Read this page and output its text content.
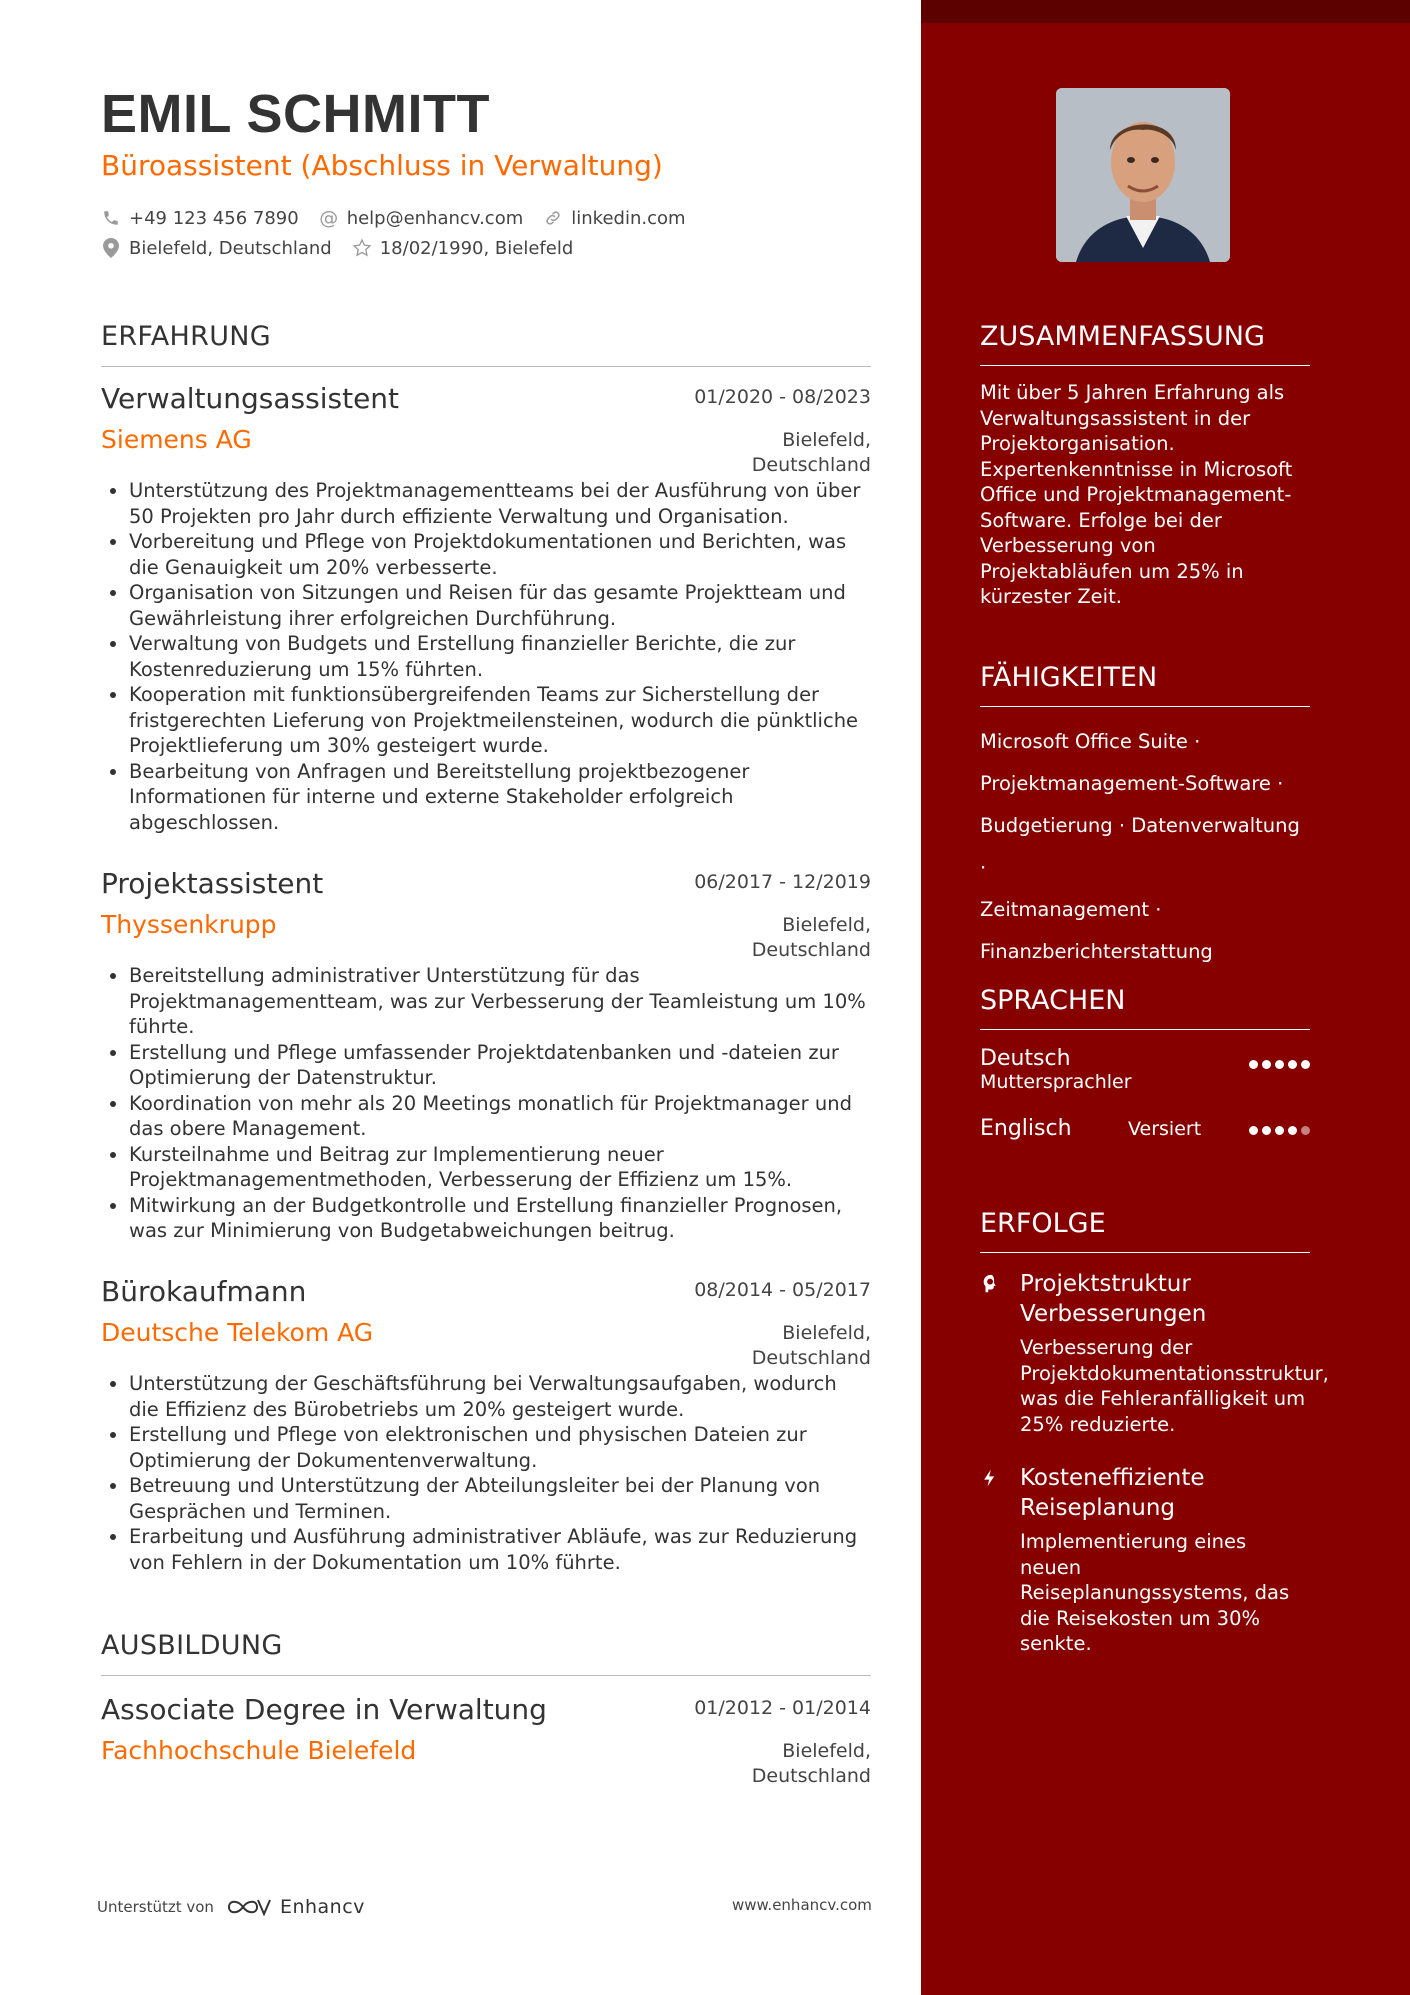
EMIL SCHMITT
Büroassistent (Abschluss in Verwaltung)
+49 123 456 7890 @ help@enhancv.com	linkedin.com
Bielefeld, Deutschland	18/02/1990, Bielefeld
ERFAHRUNG
Verwaltungsassistent	01/2020 - 08/2023
Siemens AG	Bielefeld,
Deutschland
• Unterstützung des Projektmanagementteams bei der Ausführung von über 50 Projekten pro Jahr durch effiziente Verwaltung und Organisation.
• Vorbereitung und Pflege von Projektdokumentationen und Berichten, was die Genauigkeit um 20% verbesserte.
• Organisation von Sitzungen und Reisen für das gesamte Projektteam und Gewährleistung ihrer erfolgreichen Durchführung.
• Verwaltung von Budgets und Erstellung finanzieller Berichte, die zur Kostenreduzierung um 15% führten.
• Kooperation mit funktionsübergreifenden Teams zur Sicherstellung der fristgerechten Lieferung von Projektmeilensteinen, wodurch die pünktliche Projektlieferung um 30% gesteigert wurde.
• Bearbeitung von Anfragen und Bereitstellung projektbezogener Informationen für interne und externe Stakeholder erfolgreich abgeschlossen.
Projektassistent	06/2017 - 12/2019
Thyssenkrupp	Bielefeld,
Deutschland
• Bereitstellung administrativer Unterstützung für das Projektmanagementteam, was zur Verbesserung der Teamleistung um 10% führte.
• Erstellung und Pflege umfassender Projektdatenbanken und -dateien zur Optimierung der Datenstruktur.
• Koordination von mehr als 20 Meetings monatlich für Projektmanager und das obere Management.
• Kursteilnahme und Beitrag zur Implementierung neuer Projektmanagementmethoden, Verbesserung der Effizienz um 15%.
• Mitwirkung an der Budgetkontrolle und Erstellung finanzieller Prognosen, was zur Minimierung von Budgetabweichungen beitrug.
Bürokaufmann	08/2014 - 05/2017
Deutsche Telekom AG	Bielefeld,
Deutschland
• Unterstützung der Geschäftsführung bei Verwaltungsaufgaben, wodurch die Effizienz des Bürobetriebs um 20% gesteigert wurde.
• Erstellung und Pflege von elektronischen und physischen Dateien zur Optimierung der Dokumentenverwaltung.
• Betreuung und Unterstützung der Abteilungsleiter bei der Planung von Gesprächen und Terminen.
• Erarbeitung und Ausführung administrativer Abläufe, was zur Reduzierung von Fehlern in der Dokumentation um 10% führte.
AUSBILDUNG
Associate Degree in Verwaltung	01/2012 - 01/2014
Fachhochschule Bielefeld	Bielefeld,
Deutschland
Unterstützt von	Enhancv	www.enhancv.com
ZUSAMMENFASSUNG
Mit über 5 Jahren Erfahrung als Verwaltungsassistent in der Projektorganisation. Expertenkenntnisse in Microsoft Office und Projektmanagement-Software. Erfolge bei der Verbesserung von Projektabläufen um 25% in kürzester Zeit.
FÄHIGKEITEN
Microsoft Office Suite ·
Projektmanagement-Software ·
Budgetierung · Datenverwaltung ·
Zeitmanagement ·
Finanzberichterstattung
SPRACHEN
Deutsch
Muttersprachler
Englisch	Versiert
ERFOLGE
Projektstruktur Verbesserungen
Verbesserung der Projektdokumentationsstruktur, was die Fehleranfälligkeit um 25% reduzierte.
Kosteneffiziente Reiseplanung
Implementierung eines neuen Reiseplanungssystems, das die Reisekosten um 30% senkte.
